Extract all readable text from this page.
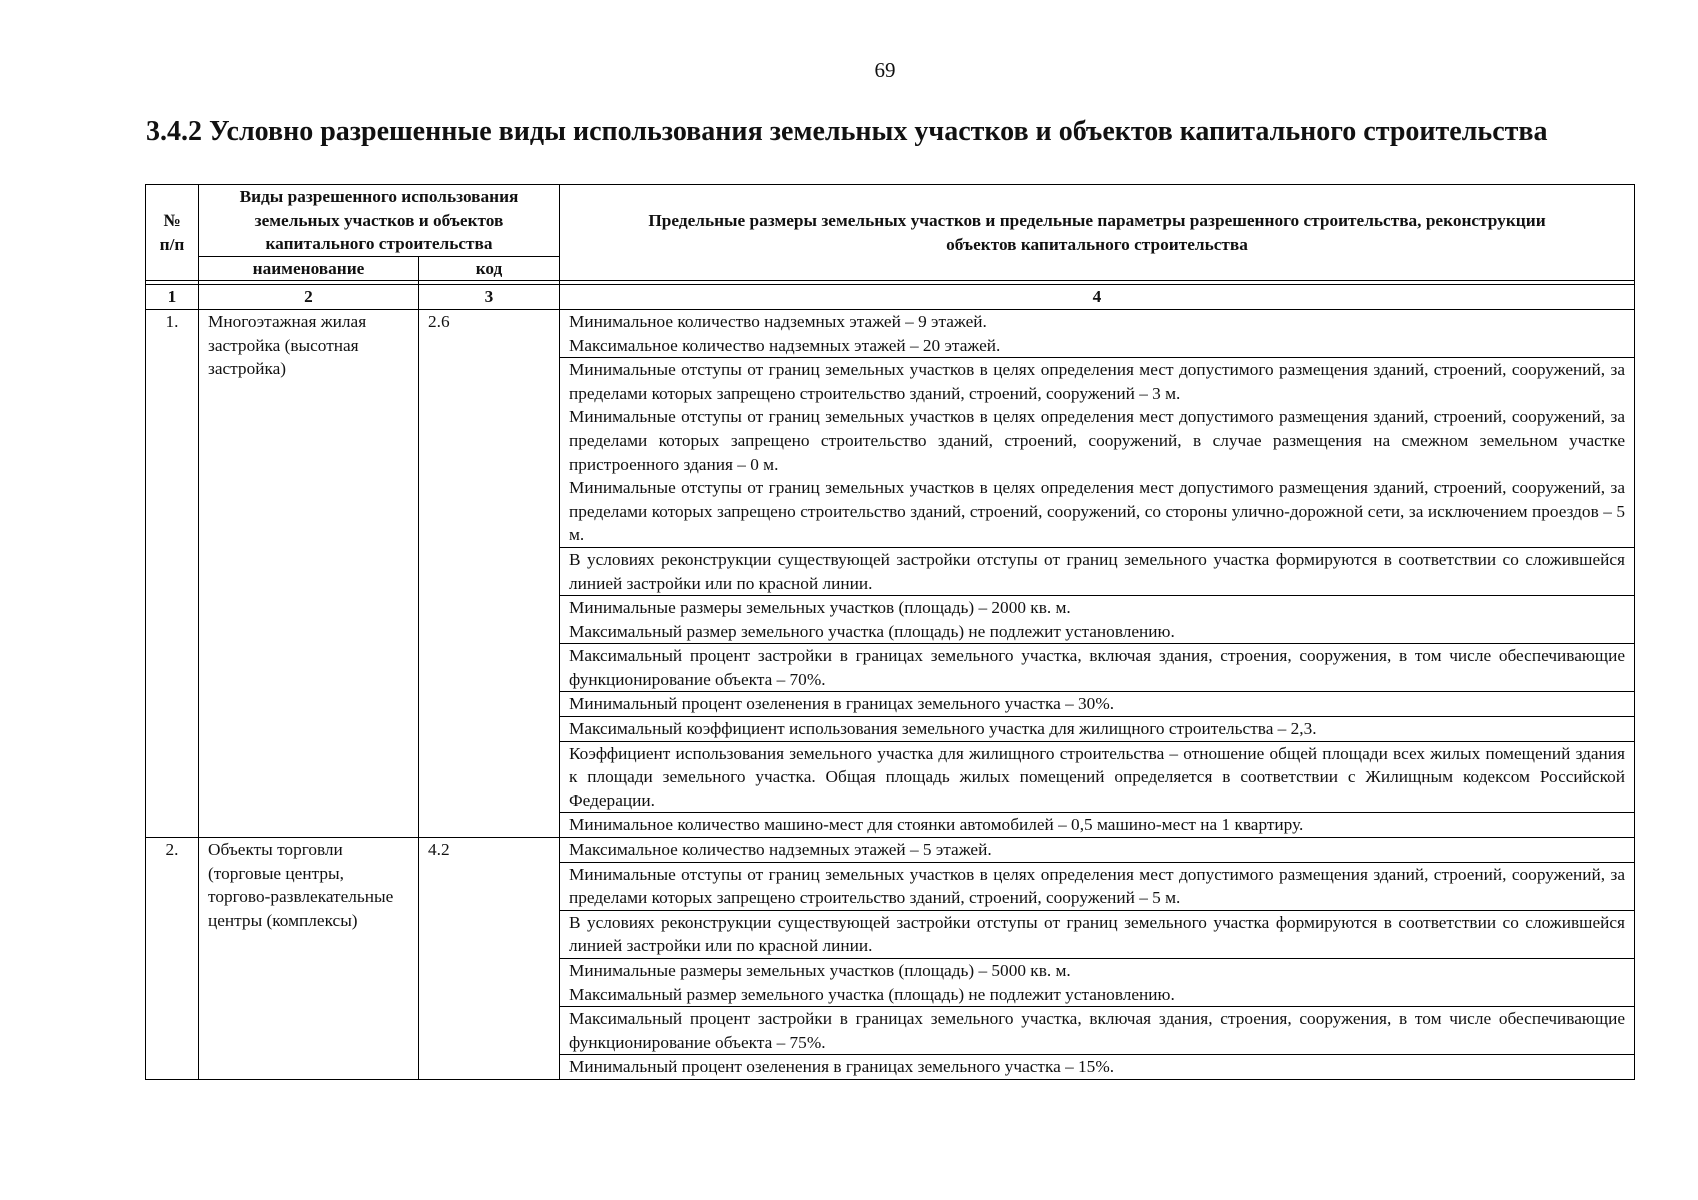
69
3.4.2 Условно разрешенные виды использования земельных участков и объектов капитального строительства
№ п/п	Виды разрешенного использования земельных участков и объектов капитального строительства		Предельные размеры земельных участков и предельные параметры разрешенного строительства, реконструкции объектов капитального строительства
	наименование	код	

1	2	3	4
1.	Многоэтажная жилая застройка (высотная застройка)	2.6	Минимальное количество надземных этажей – 9 этажей.
Максимальное количество надземных этажей – 20 этажей.

			Минимальные отступы от границ земельных участков в целях определения мест допустимого размещения зданий, строений, сооружений, за пределами которых запрещено строительство зданий, строений, сооружений – 3 м.
Минимальные отступы от границ земельных участков в целях определения мест допустимого размещения зданий, строений, сооружений, за пределами которых запрещено строительство зданий, строений, сооружений, в случае размещения на смежном земельном участке пристроенного здания – 0 м.
Минимальные отступы от границ земельных участков в целях определения мест допустимого размещения зданий, строений, сооружений, за пределами которых запрещено строительство зданий, строений, сооружений, со стороны улично-дорожной сети, за исключением проездов – 5 м.

			В условиях реконструкции существующей застройки отступы от границ земельного участка формируются в соответствии со сложившейся линией застройки или по красной линии.

			Минимальные размеры земельных участков (площадь) – 2000 кв. м.
Максимальный размер земельного участка (площадь) не подлежит установлению.

			Максимальный процент застройки в границах земельного участка, включая здания, строения, сооружения, в том числе обеспечивающие функционирование объекта – 70%.

			Минимальный процент озеленения в границах земельного участка – 30%.

			Максимальный коэффициент использования земельного участка для жилищного строительства – 2,3.

			Коэффициент использования земельного участка для жилищного строительства – отношение общей площади всех жилых помещений здания к площади земельного участка. Общая площадь жилых помещений определяется в соответствии с Жилищным кодексом Российской Федерации.

			Минимальное количество машино-мест для стоянки автомобилей – 0,5 машино-мест на 1 квартиру.

2.	Объекты торговли (торговые центры, торгово-развлекательные центры (комплексы)	4.2	Максимальное количество надземных этажей – 5 этажей.

			Минимальные отступы от границ земельных участков в целях определения мест допустимого размещения зданий, строений, сооружений, за пределами которых запрещено строительство зданий, строений, сооружений – 5 м.

			В условиях реконструкции существующей застройки отступы от границ земельного участка формируются в соответствии со сложившейся линией застройки или по красной линии.

			Минимальные размеры земельных участков (площадь) – 5000 кв. м.
Максимальный размер земельного участка (площадь) не подлежит установлению.

			Максимальный процент застройки в границах земельного участка, включая здания, строения, сооружения, в том числе обеспечивающие функционирование объекта – 75%.

			Минимальный процент озеленения в границах земельного участка – 15%.
